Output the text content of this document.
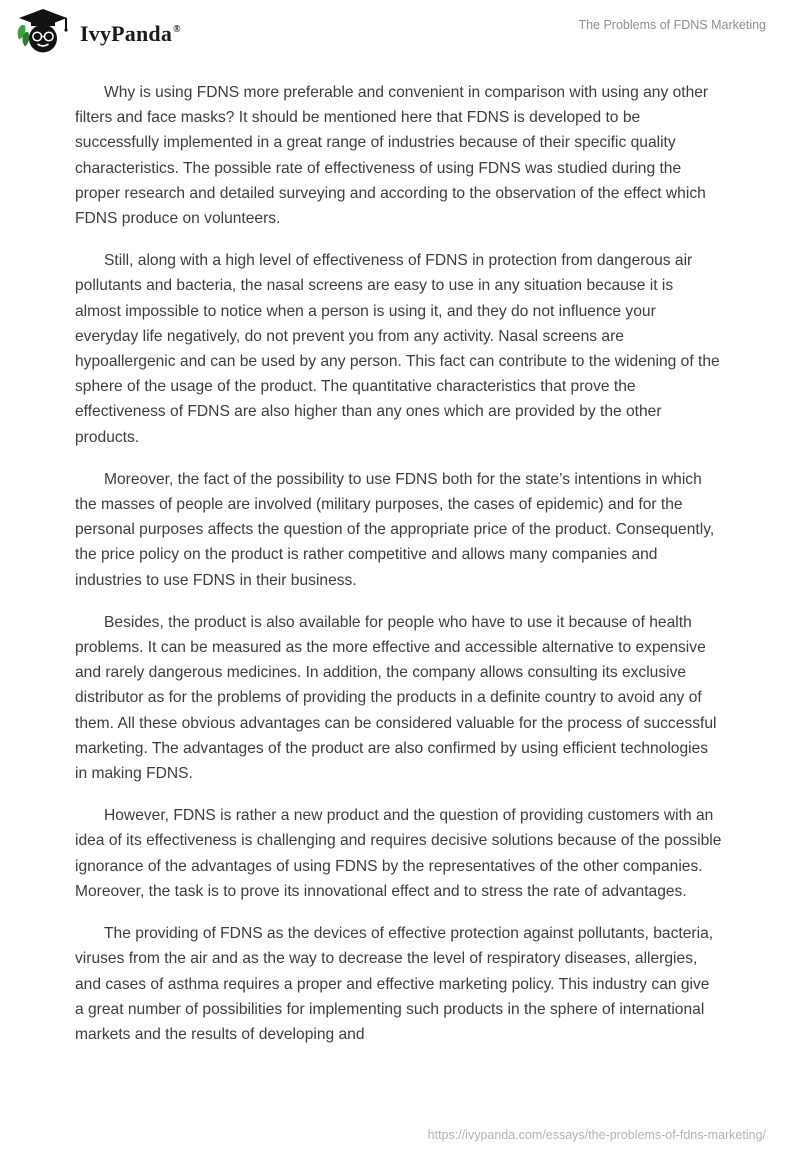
IvyPanda®	The Problems of FDNS Marketing

Why is using FDNS more preferable and convenient in comparison with using any other filters and face masks? It should be mentioned here that FDNS is developed to be successfully implemented in a great range of industries because of their specific quality characteristics. The possible rate of effectiveness of using FDNS was studied during the proper research and detailed surveying and according to the observation of the effect which FDNS produce on volunteers.

Still, along with a high level of effectiveness of FDNS in protection from dangerous air pollutants and bacteria, the nasal screens are easy to use in any situation because it is almost impossible to notice when a person is using it, and they do not influence your everyday life negatively, do not prevent you from any activity. Nasal screens are hypoallergenic and can be used by any person. This fact can contribute to the widening of the sphere of the usage of the product. The quantitative characteristics that prove the effectiveness of FDNS are also higher than any ones which are provided by the other products.

Moreover, the fact of the possibility to use FDNS both for the state’s intentions in which the masses of people are involved (military purposes, the cases of epidemic) and for the personal purposes affects the question of the appropriate price of the product. Consequently, the price policy on the product is rather competitive and allows many companies and industries to use FDNS in their business.

Besides, the product is also available for people who have to use it because of health problems. It can be measured as the more effective and accessible alternative to expensive and rarely dangerous medicines. In addition, the company allows consulting its exclusive distributor as for the problems of providing the products in a definite country to avoid any of them. All these obvious advantages can be considered valuable for the process of successful marketing. The advantages of the product are also confirmed by using efficient technologies in making FDNS.

However, FDNS is rather a new product and the question of providing customers with an idea of its effectiveness is challenging and requires decisive solutions because of the possible ignorance of the advantages of using FDNS by the representatives of the other companies. Moreover, the task is to prove its innovational effect and to stress the rate of advantages.

The providing of FDNS as the devices of effective protection against pollutants, bacteria, viruses from the air and as the way to decrease the level of respiratory diseases, allergies, and cases of asthma requires a proper and effective marketing policy. This industry can give a great number of possibilities for implementing such products in the sphere of international markets and the results of developing and

https://ivypanda.com/essays/the-problems-of-fdns-marketing/
